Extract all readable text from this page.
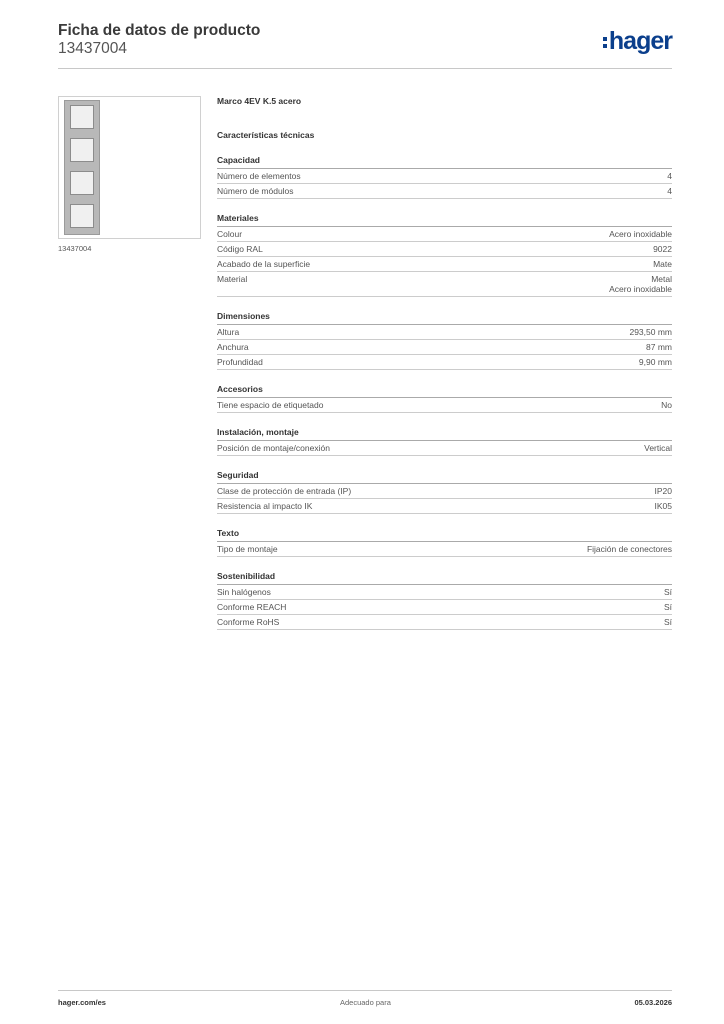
Ficha de datos de producto
13437004	hager
13437004
Marco 4EV K.5 acero
Características técnicas
Capacidad
Número de elementos	4
Número de módulos	4
Materiales
Colour	Acero inoxidable
Código RAL	9022
Acabado de la superficie	Mate
Material	Metal
Acero inoxidable
Dimensiones
Altura	293,50 mm
Anchura	87 mm
Profundidad	9,90 mm
Accesorios
Tiene espacio de etiquetado	No
Instalación, montaje
Posición de montaje/conexión	Vertical
Seguridad
Clase de protección de entrada (IP)	IP20
Resistencia al impacto IK	IK05
Texto
Tipo de montaje	Fijación de conectores
Sostenibilidad
Sin halógenos	Sí
Conforme REACH	Sí
Conforme RoHS	Sí
hager.com/es	Adecuado para	05.03.2026
